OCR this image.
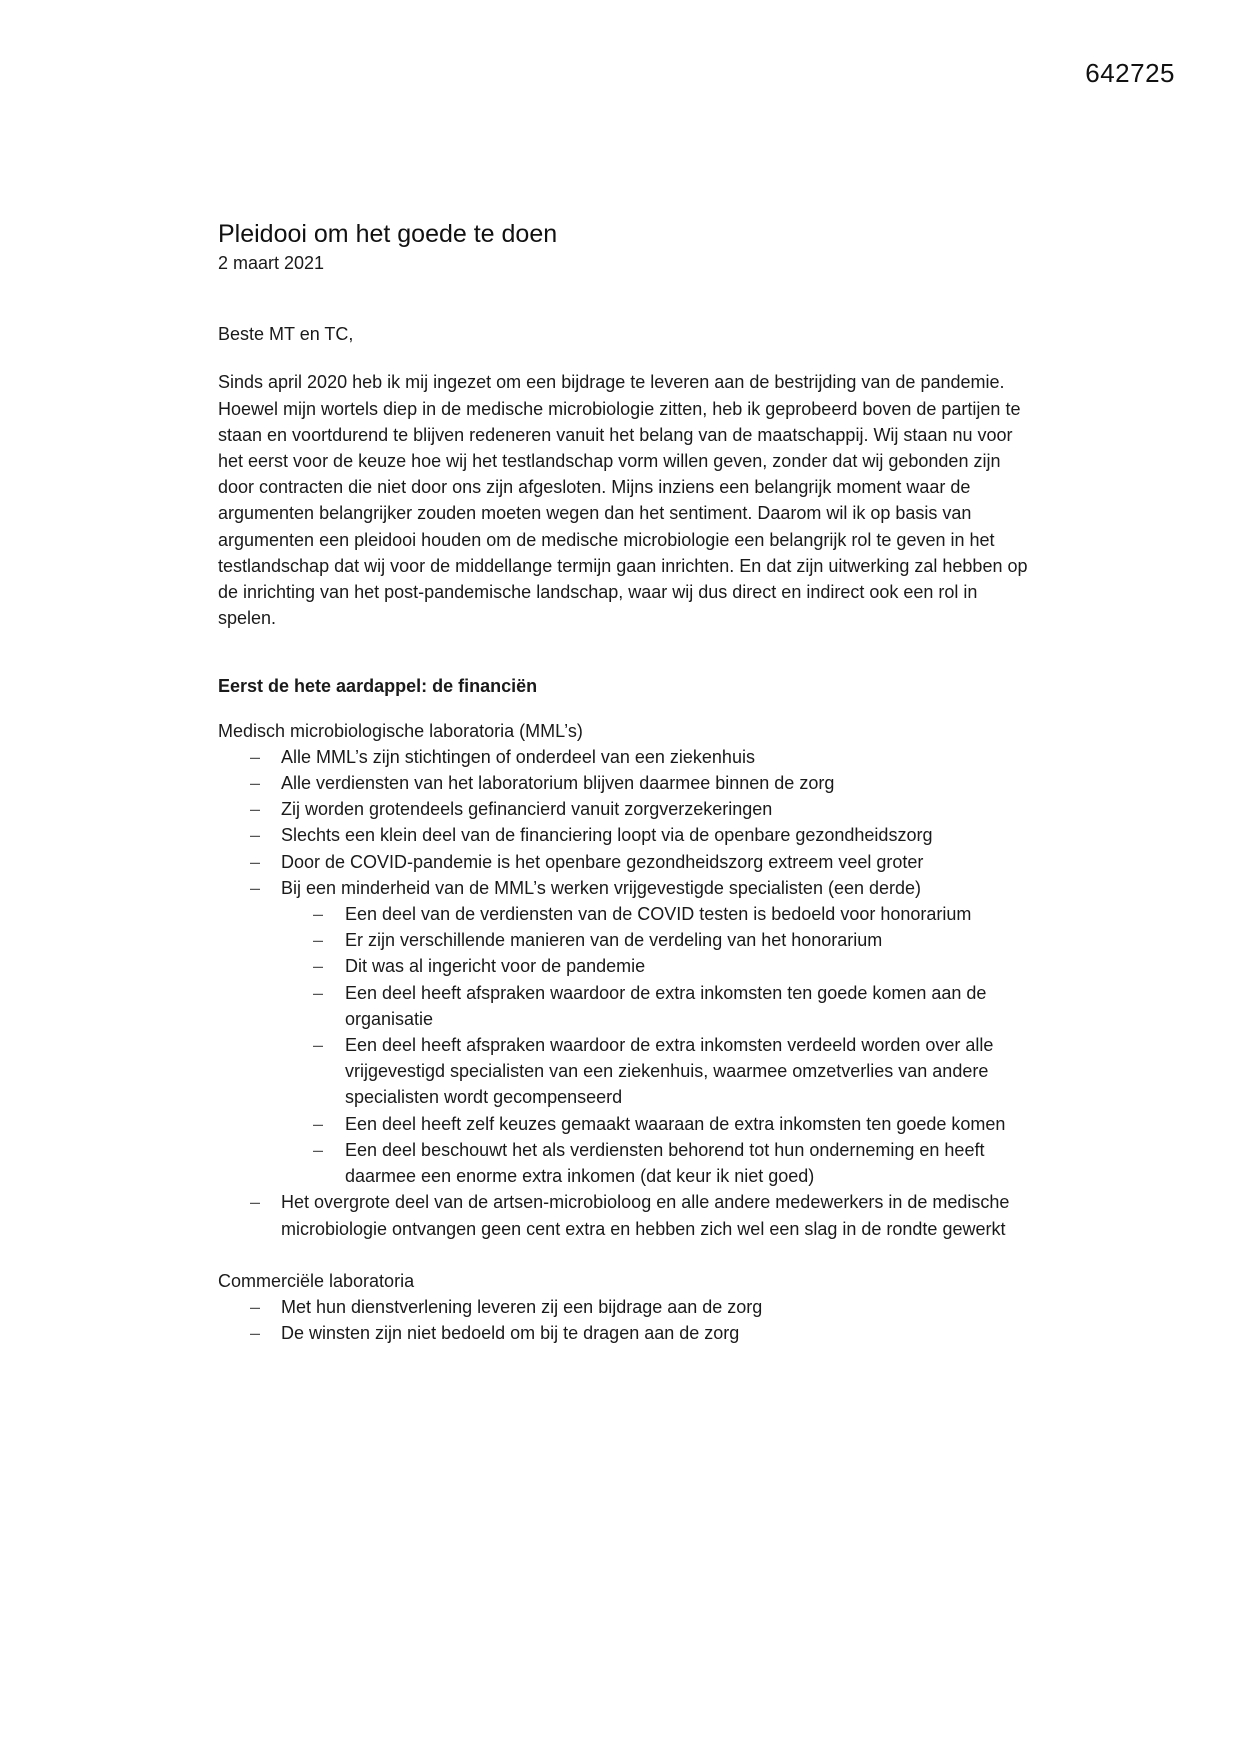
642725
Pleidooi om het goede te doen

2 maart 2021

Beste MT en TC,

Sinds april 2020 heb ik mij ingezet om een bijdrage te leveren aan de bestrijding van de pandemie. Hoewel mijn wortels diep in de medische microbiologie zitten, heb ik geprobeerd boven de partijen te staan en voortdurend te blijven redeneren vanuit het belang van de maatschappij. Wij staan nu voor het eerst voor de keuze hoe wij het testlandschap vorm willen geven, zonder dat wij gebonden zijn door contracten die niet door ons zijn afgesloten. Mijns inziens een belangrijk moment waar de argumenten belangrijker zouden moeten wegen dan het sentiment. Daarom wil ik op basis van argumenten een pleidooi houden om de medische microbiologie een belangrijk rol te geven in het testlandschap dat wij voor de middellange termijn gaan inrichten. En dat zijn uitwerking zal hebben op de inrichting van het post-pandemische landschap, waar wij dus direct en indirect ook een rol in spelen.

Eerst de hete aardappel: de financiën

Medisch microbiologische laboratoria (MML’s)

– Alle MML’s zijn stichtingen of onderdeel van een ziekenhuis
– Alle verdiensten van het laboratorium blijven daarmee binnen de zorg
– Zij worden grotendeels gefinancierd vanuit zorgverzekeringen
– Slechts een klein deel van de financiering loopt via de openbare gezondheidszorg
– Door de COVID-pandemie is het openbare gezondheidszorg extreem veel groter
– Bij een minderheid van de MML’s werken vrijgevestigde specialisten (een derde)
– Een deel van de verdiensten van de COVID testen is bedoeld voor honorarium
– Er zijn verschillende manieren van de verdeling van het honorarium
– Dit was al ingericht voor de pandemie
– Een deel heeft afspraken waardoor de extra inkomsten ten goede komen aan de organisatie
– Een deel heeft afspraken waardoor de extra inkomsten verdeeld worden over alle vrijgevestigd specialisten van een ziekenhuis, waarmee omzetverlies van andere specialisten wordt gecompenseerd
– Een deel heeft zelf keuzes gemaakt waaraan de extra inkomsten ten goede komen
– Een deel beschouwt het als verdiensten behorend tot hun onderneming en heeft daarmee een enorme extra inkomen (dat keur ik niet goed)
– Het overgrote deel van de artsen-microbioloog en alle andere medewerkers in de medische microbiologie ontvangen geen cent extra en hebben zich wel een slag in de rondte gewerkt

Commerciële laboratoria

– Met hun dienstverlening leveren zij een bijdrage aan de zorg
– De winsten zijn niet bedoeld om bij te dragen aan de zorg
